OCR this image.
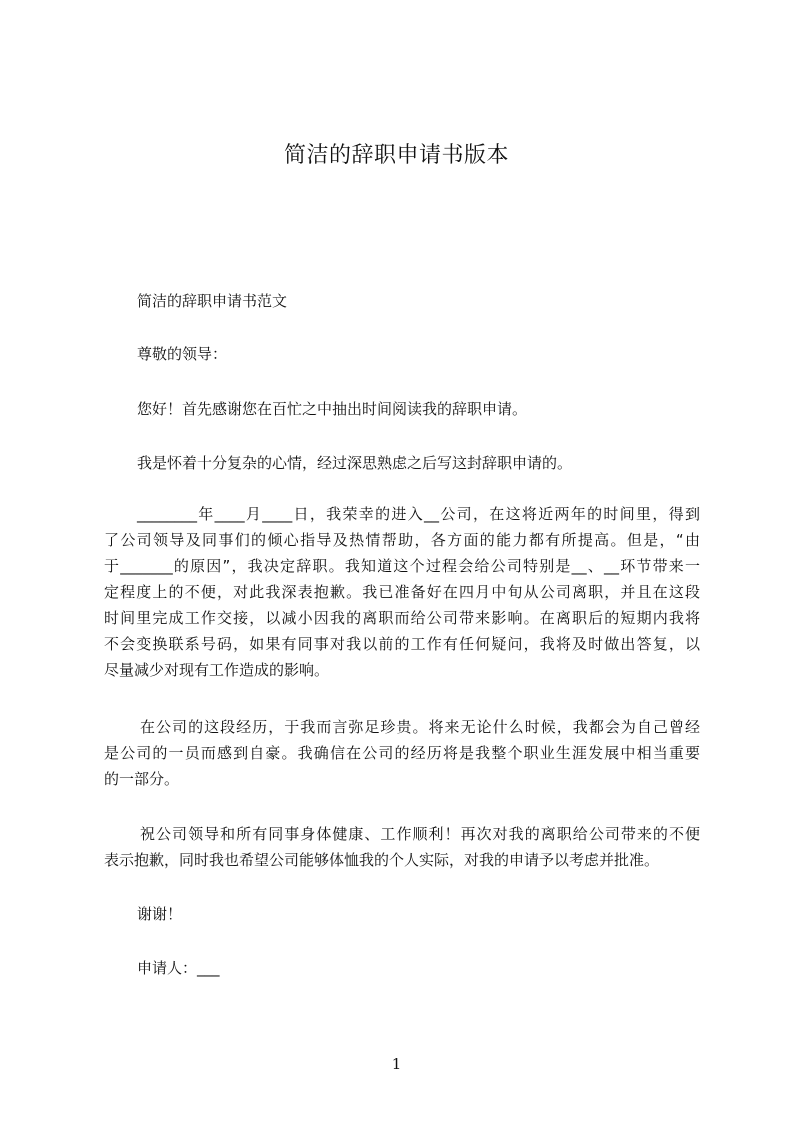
简洁的辞职申请书版本

简洁的辞职申请书范文

尊敬的领导：

您好！首先感谢您在百忙之中抽出时间阅读我的辞职申请。

我是怀着十分复杂的心情，经过深思熟虑之后写这封辞职申请的。

________年____月____日，我荣幸的进入__公司，在这将近两年的时间里，得到
了公司领导及同事们的倾心指导及热情帮助，各方面的能力都有所提高。但是，“由
于_______的原因”，我决定辞职。我知道这个过程会给公司特别是__、__环节带来一
定程度上的不便，对此我深表抱歉。我已准备好在四月中旬从公司离职，并且在这段
时间里完成工作交接，以减小因我的离职而给公司带来影响。在离职后的短期内我将
不会变换联系号码，如果有同事对我以前的工作有任何疑问，我将及时做出答复，以
尽量减少对现有工作造成的影响。
在公司的这段经历，于我而言弥足珍贵。将来无论什么时候，我都会为自己曾经
是公司的一员而感到自豪。我确信在公司的经历将是我整个职业生涯发展中相当重要
的一部分。
祝公司领导和所有同事身体健康、工作顺利！再次对我的离职给公司带来的不便
表示抱歉，同时我也希望公司能够体恤我的个人实际，对我的申请予以考虑并批准。

谢谢！

申请人：___

1
